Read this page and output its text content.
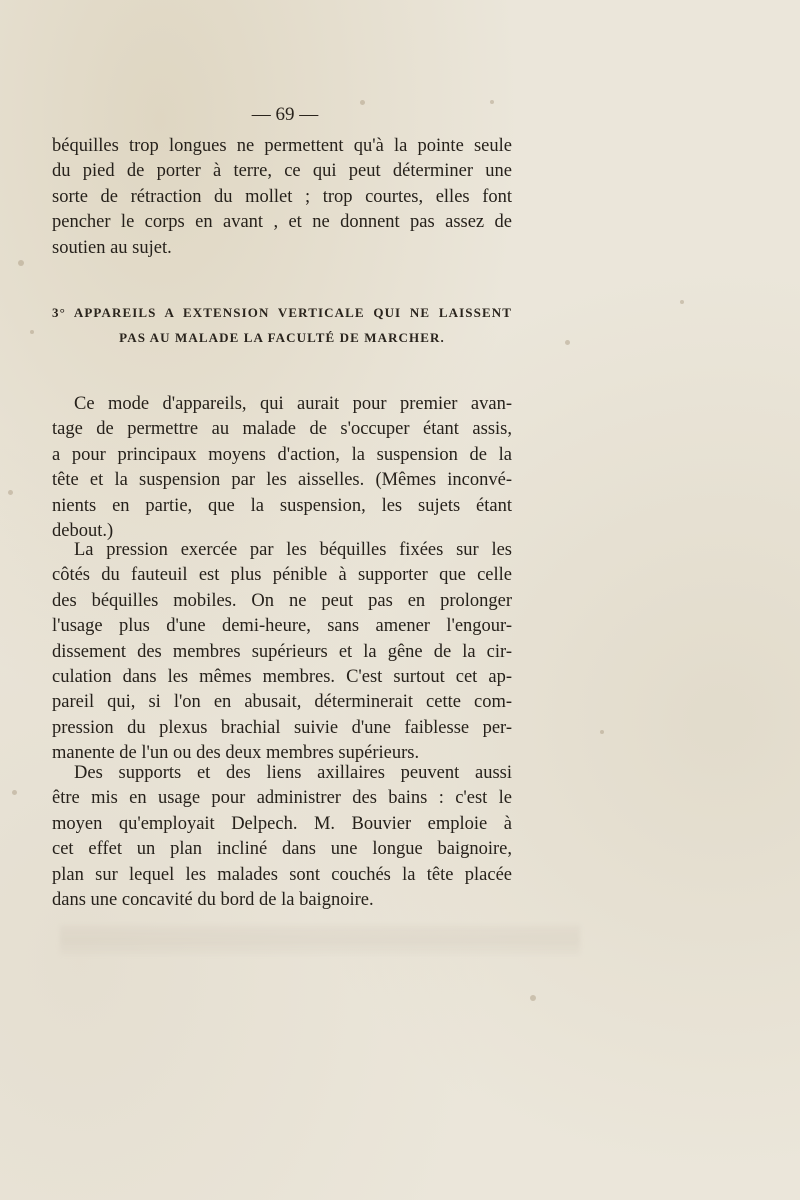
— 69 —
béquilles trop longues ne permettent qu'à la pointe seule
du pied de porter à terre, ce qui peut déterminer une
sorte de rétraction du mollet ; trop courtes, elles font
pencher le corps en avant , et ne donnent pas assez de
soutien au sujet.
3° APPAREILS A EXTENSION VERTICALE QUI NE LAISSENT
PAS AU MALADE LA FACULTÉ DE MARCHER.
Ce mode d'appareils, qui aurait pour premier avan-
tage de permettre au malade de s'occuper étant assis,
a pour principaux moyens d'action, la suspension de la
tête et la suspension par les aisselles. (Mêmes inconvé-
nients en partie, que la suspension, les sujets étant
debout.)
La pression exercée par les béquilles fixées sur les
côtés du fauteuil est plus pénible à supporter que celle
des béquilles mobiles. On ne peut pas en prolonger
l'usage plus d'une demi-heure, sans amener l'engour-
dissement des membres supérieurs et la gêne de la cir-
culation dans les mêmes membres. C'est surtout cet ap-
pareil qui, si l'on en abusait, déterminerait cette com-
pression du plexus brachial suivie d'une faiblesse per-
manente de l'un ou des deux membres supérieurs.
Des supports et des liens axillaires peuvent aussi
être mis en usage pour administrer des bains : c'est le
moyen qu'employait Delpech. M. Bouvier emploie à
cet effet un plan incliné dans une longue baignoire,
plan sur lequel les malades sont couchés la tête placée
dans une concavité du bord de la baignoire.
